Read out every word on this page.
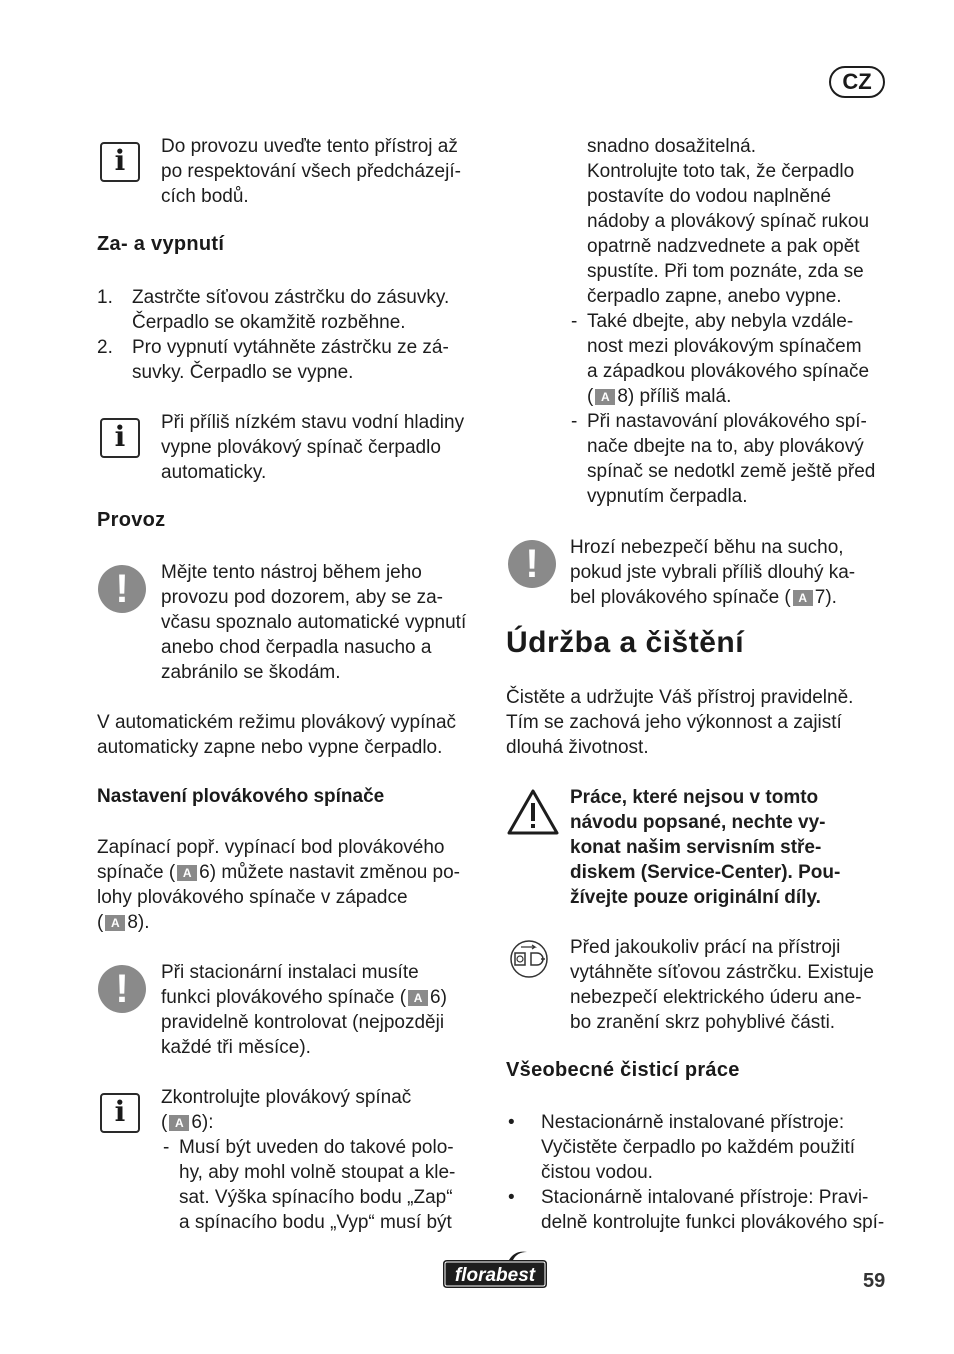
CZ
i	Do provozu uveďte tento přístroj až
po respektování všech předcházejí-
cích bodů.
Za- a vypnutí
1. Zastrčte síťovou zástrčku do zásuvky.
Čerpadlo se okamžitě rozběhne.
2. Pro vypnutí vytáhněte zástrčku ze zá-
suvky. Čerpadlo se vypne.
i	Při příliš nízkém stavu vodní hladiny
vypne plovákový spínač čerpadlo
automaticky.
Provoz
!	Mějte tento nástroj během jeho
provozu pod dozorem, aby se za-
včasu spoznalo automatické vypnutí
anebo chod čerpadla nasucho a
zabránilo se škodám.
V automatickém režimu plovákový vypínač
automaticky zapne nebo vypne čerpadlo.
Nastavení plovákového spínače
Zapínací popř. vypínací bod plovákového
spínače ( A 6) můžete nastavit změnou po-
lohy plovákového spínače v západce
( A 8).
!	Při stacionární instalaci musíte
funkci plovákového spínače ( A 6)
pravidelně kontrolovat (nejpozději
každé tři měsíce).
i	Zkontrolujte plovákový spínač
( A 6):
- Musí být uveden do takové polo-
hy, aby mohl volně stoupat a kle-
sat. Výška spínacího bodu „Zap“
a spínacího bodu „Vyp“ musí být
snadno dosažitelná.
Kontrolujte toto tak, že čerpadlo
postavíte do vodou naplněné
nádoby a plovákový spínač rukou
opatrně nadzvednete a pak opět
spustíte. Při tom poznáte, zda se
čerpadlo zapne, anebo vypne.
- Také dbejte, aby nebyla vzdále-
nost mezi plovákovým spínačem
a západkou plovákového spínače
( A 8) příliš malá.
- Při nastavování plovákového spí-
nače dbejte na to, aby plovákový
spínač se nedotkl země ještě před
vypnutím čerpadla.
!	Hrozí nebezpečí běhu na sucho,
pokud jste vybrali příliš dlouhý ka-
bel plovákového spínače ( A 7).
Údržba a čištění
Čistěte a udržujte Váš přístroj pravidelně.
Tím se zachová jeho výkonnost a zajistí
dlouhá životnost.
Práce, které nejsou v tomto
návodu popsané, nechte vy-
konat našim servisním stře-
diskem (Service-Center). Pou-
žívejte pouze originální díly.
Před jakoukoliv prácí na přístroji
vytáhněte síťovou zástrčku. Existuje
nebezpečí elektrického úderu ane-
bo zranění skrz pohyblivé části.
Všeobecné čisticí práce
• Nestacionárně instalované přístroje:
Vyčistěte čerpadlo po každém použití
čistou vodou.
• Stacionárně intalované přístroje: Pravi-
delně kontrolujte funkci plovákového spí-
florabest	59
